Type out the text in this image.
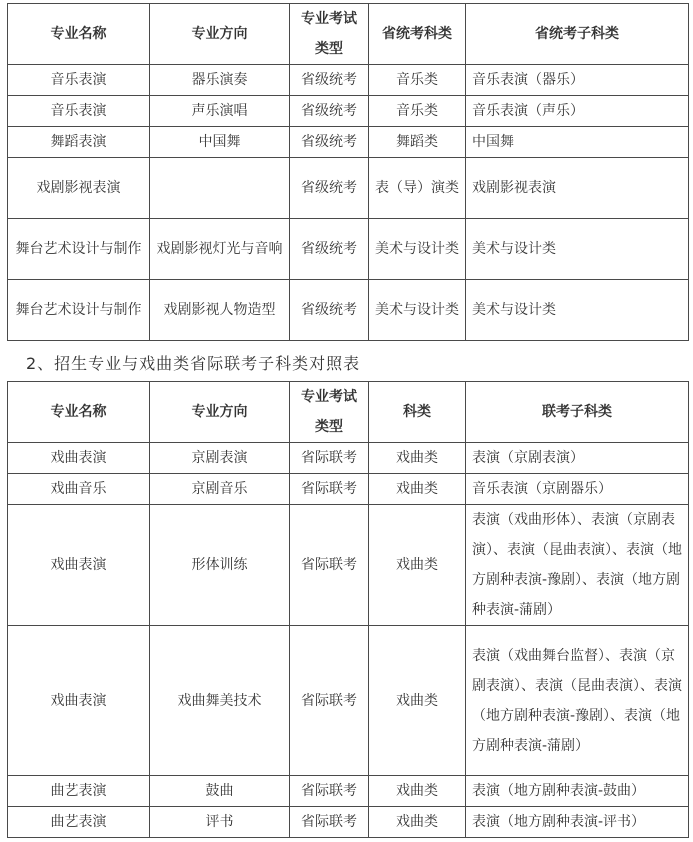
专业名称	专业方向	专业考试类型	省统考科类	省统考子科类
音乐表演	器乐演奏	省级统考	音乐类	音乐表演（器乐）
音乐表演	声乐演唱	省级统考	音乐类	音乐表演（声乐）
舞蹈表演	中国舞	省级统考	舞蹈类	中国舞
戏剧影视表演		省级统考	表（导）演类	戏剧影视表演
舞台艺术设计与制作	戏剧影视灯光与音响	省级统考	美术与设计类	美术与设计类
舞台艺术设计与制作	戏剧影视人物造型	省级统考	美术与设计类	美术与设计类
2、招生专业与戏曲类省际联考子科类对照表
专业名称	专业方向	专业考试类型	科类	联考子科类
戏曲表演	京剧表演	省际联考	戏曲类	表演（京剧表演）
戏曲音乐	京剧音乐	省际联考	戏曲类	音乐表演（京剧器乐）
戏曲表演	形体训练	省际联考	戏曲类	表演（戏曲形体）、表演（京剧表演）、表演（昆曲表演）、表演（地方剧种表演-豫剧）、表演（地方剧种表演-蒲剧）
戏曲表演	戏曲舞美技术	省际联考	戏曲类	表演（戏曲舞台监督）、表演（京剧表演）、表演（昆曲表演）、表演（地方剧种表演-豫剧）、表演（地方剧种表演-蒲剧）
曲艺表演	鼓曲	省际联考	戏曲类	表演（地方剧种表演-鼓曲）
曲艺表演	评书	省际联考	戏曲类	表演（地方剧种表演-评书）
